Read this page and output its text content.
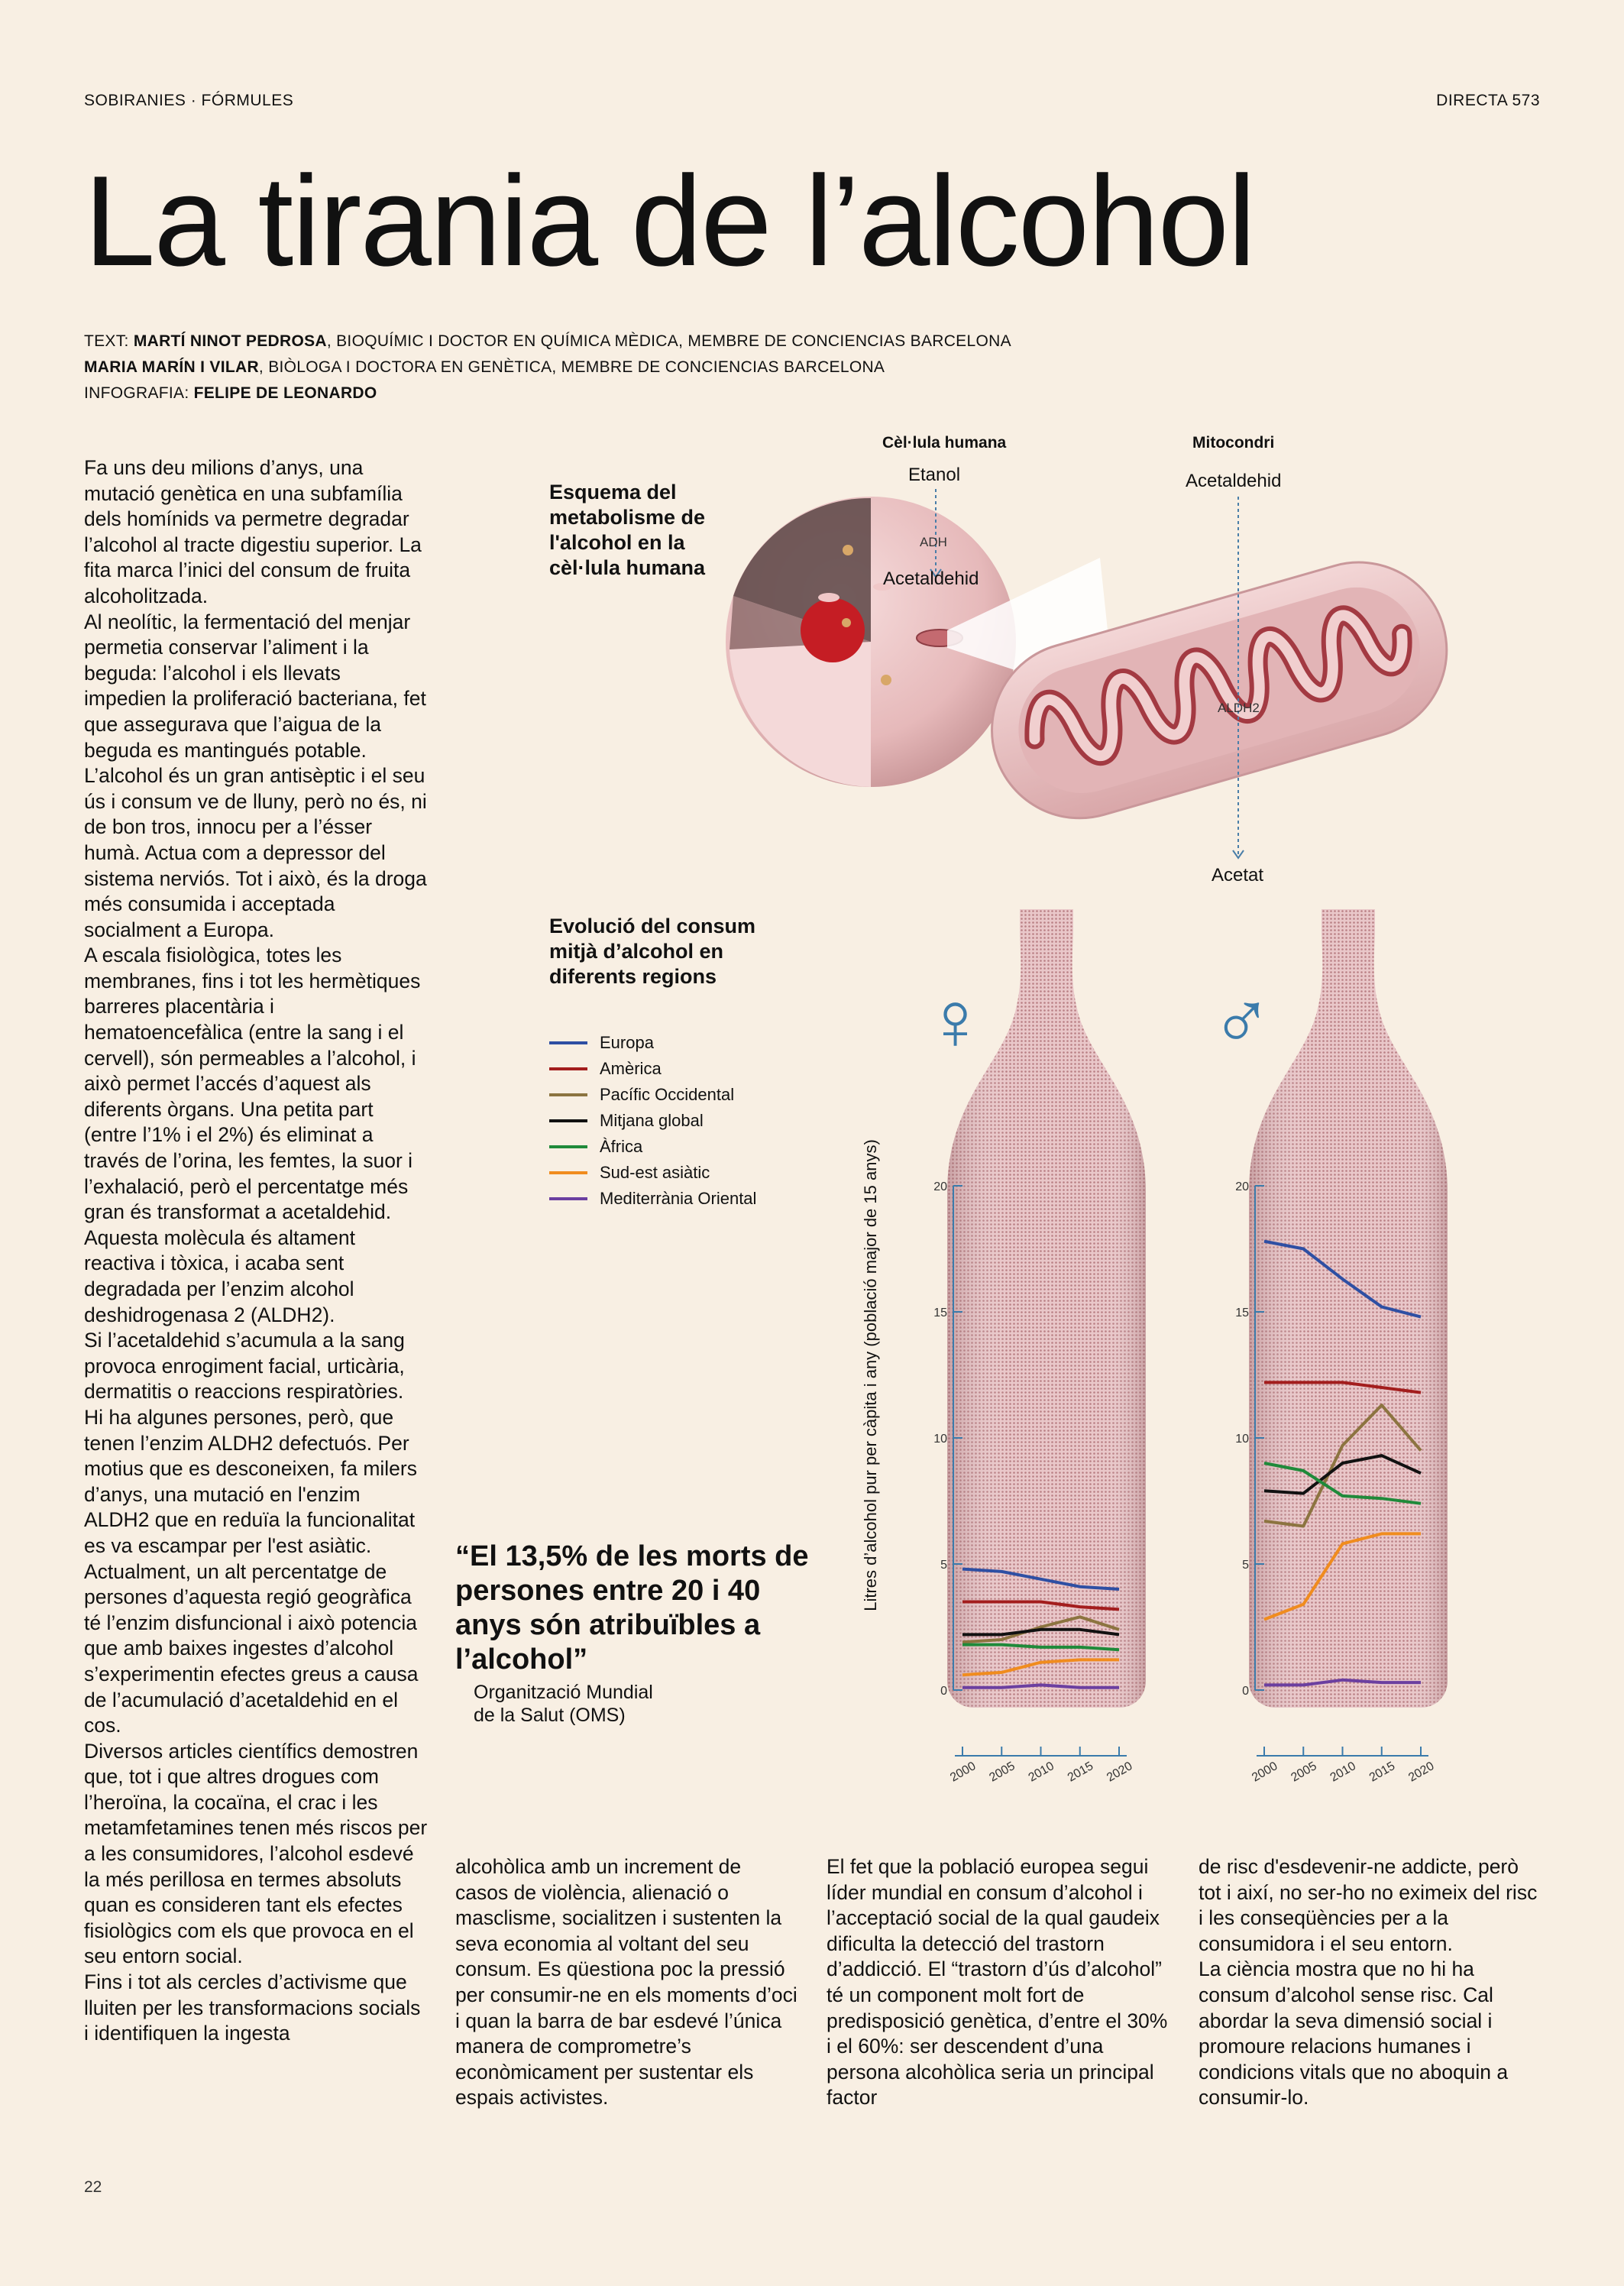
SOBIRANIES · FÓRMULES	DIRECTA 573
La tirania de l’alcohol
TEXT: MARTÍ NINOT PEDROSA, BIOQUÍMIC I DOCTOR EN QUÍMICA MÈDICA, MEMBRE DE CONCIENCIAS BARCELONA
MARIA MARÍN I VILAR, BIÒLOGA I DOCTORA EN GENÈTICA, MEMBRE DE CONCIENCIAS BARCELONA
INFOGRAFIA: FELIPE DE LEONARDO

Fa uns deu milions d’anys, una mutació genètica en una subfamília dels homínids va permetre degradar l’alcohol al tracte digestiu superior. La fita marca l’inici del consum de fruita alcoholitzada.

Al neolític, la fermentació del menjar permetia conservar l’aliment i la beguda: l’alcohol i els llevats impedien la proliferació bacteriana, fet que assegurava que l’aigua de la beguda es mantingués potable.

L’alcohol és un gran antisèptic i el seu ús i consum ve de lluny, però no és, ni de bon tros, innocu per a l’ésser humà. Actua com a depressor del sistema nerviós. Tot i això, és la droga més consumida i acceptada socialment a Europa.

A escala fisiològica, totes les membranes, fins i tot les hermètiques barreres placentària i hematoencefàlica (entre la sang i el cervell), són permeables a l’alcohol, i això permet l’accés d’aquest als diferents òrgans. Una petita part (entre l’1% i el 2%) és eliminat a través de l’orina, les femtes, la suor i l’exhalació, però el percentatge més gran és transformat a acetaldehid. Aquesta molècula és altament reactiva i tòxica, i acaba sent degradada per l’enzim alcohol deshidrogenasa 2 (ALDH2).

Si l’acetaldehid s’acumula a la sang provoca enrogiment facial, urticària, dermatitis o reaccions respiratòries.

Hi ha algunes persones, però, que tenen l’enzim ALDH2 defectuós. Per motius que es desconeixen, fa milers d’anys, una mutació en l'enzim ALDH2 que en reduïa la funcionalitat es va escampar per l'est asiàtic. Actualment, un alt percentatge de persones d’aquesta regió geogràfica té l’enzim disfuncional i això potencia que amb baixes ingestes d’alcohol s’experimentin efectes greus a causa de l’acumulació d’acetaldehid en el cos.

Diversos articles científics demostren que, tot i que altres drogues com l’heroïna, la cocaïna, el crac i les metamfetamines tenen més riscos per a les consumidores, l’alcohol esdevé la més perillosa en termes absoluts quan es consideren tant els efectes fisiològics com els que provoca en el seu entorn social.

Fins i tot als cercles d’activisme que lluiten per les transformacions socials i identifiquen la ingesta

alcohòlica amb un increment de casos de violència, alienació o masclisme, socialitzen i sustenten la seva economia al voltant del seu consum. Es qüestiona poc la pressió per consumir-ne en els moments d’oci i quan la barra de bar esdevé l’única manera de comprometre’s econòmicament per sustentar els espais activistes.

El fet que la població europea segui líder mundial en consum d’alcohol i l’acceptació social de la qual gaudeix dificulta la detecció del trastorn d’addicció. El “trastorn d’ús d’alcohol” té un component molt fort de predisposició genètica, d’entre el 30% i el 60%: ser descendent d’una persona alcohòlica seria un principal factor

de risc d'esdevenir-ne addicte, però tot i així, no ser-ho no eximeix del risc i les conseqüències per a la consumidora i el seu entorn.

La ciència mostra que no hi ha consum d’alcohol sense risc. Cal abordar la seva dimensió social i promoure relacions humanes i condicions vitals que no aboquin a consumir-lo.

Esquema del metabolisme de l'alcohol en la cèl·lula humana
Cèl·lula humana	Mitocondri
Etanol
ADH
Acetaldehid
Acetaldehid
ALDH2
Acetat
Evolució del consum mitjà d’alcohol en diferents regions
Europa
Amèrica
Pacífic Occidental
Mitjana global
Àfrica
Sud-est asiàtic
Mediterrània Oriental	Litres d’alcohol pur per càpita i any (població major de 15 anys)
♀	♂
0
5
10
15
20
2000 2005 2010 2015 2020
0
5
10
15
20
2000 2005 2010 2015 2020
“El 13,5% de les morts de persones entre 20 i 40 anys són atribuïbles a l’alcohol”
Organització Mundial de la Salut (OMS)
22
